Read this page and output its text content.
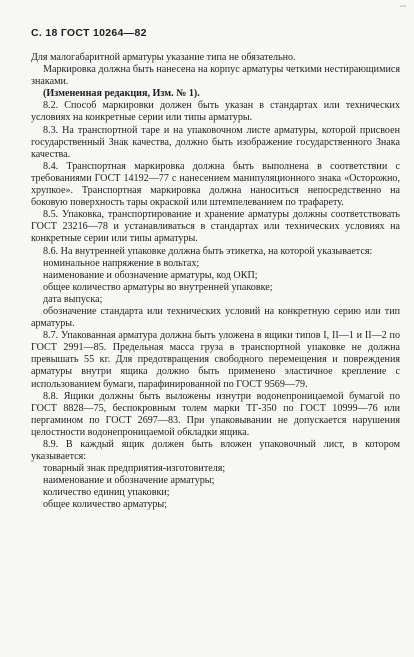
⁴¹⁵⁶
С. 18 ГОСТ 10264—82

Для малогабаритной арматуры указание типа не обязательно.

Маркировка должна быть нанесена на корпус арматуры четкими нестирающимися знаками.

(Измененная редакция, Изм. № 1).

8.2. Способ маркировки должен быть указан в стандартах или технических условиях на конкретные серии или типы арматуры.

8.3. На транспортной таре и на упаковочном листе арматуры, которой присвоен государственный Знак качества, должно быть изображение государственного Знака качества.

8.4. Транспортная маркировка должна быть выполнена в соответствии с требованиями ГОСТ 14192—77 с нанесением манипуляционного знака «Осторожно, хрупкое». Транспортная маркировка должна наноситься непосредственно на боковую поверхность тары окраской или штемпелеванием по трафарету.

8.5. Упаковка, транспортирование и хранение арматуры должны соответствовать ГОСТ 23216—78 и устанавливаться в стандартах или технических условиях на конкретные серии или типы арматуры.

8.6. На внутренней упаковке должна быть этикетка, на которой указывается:

номинальное напряжение в вольтах;

наименование и обозначение арматуры, код ОКП;

общее количество арматуры во внутренней упаковке;

дата выпуска;

обозначение стандарта или технических условий на конкретную серию или тип арматуры.

8.7. Упакованная арматура должна быть уложена в ящики типов I, II—1 и II—2 по ГОСТ 2991—85. Предельная масса груза в транспортной упаковке не должна превышать 55 кг. Для предотвращения свободного перемещения и повреждения арматуры внутри ящика должно быть применено эластичное крепление с использованием бумаги, парафинированной по ГОСТ 9569—79.

8.8. Ящики должны быть выложены изнутри водонепроницаемой бумагой по ГОСТ 8828—75, беспокровным толем марки ТГ-350 по ГОСТ 10999—76 или пергамином по ГОСТ 2697—83. При упаковывании не допускается нарушения целостности водонепроницаемой обкладки ящика.

8.9. В каждый ящик должен быть вложен упаковочный лист, в котором указывается:

товарный знак предприятия-изготовителя;

наименование и обозначение арматуры;

количество единиц упаковки;

общее количество арматуры;
